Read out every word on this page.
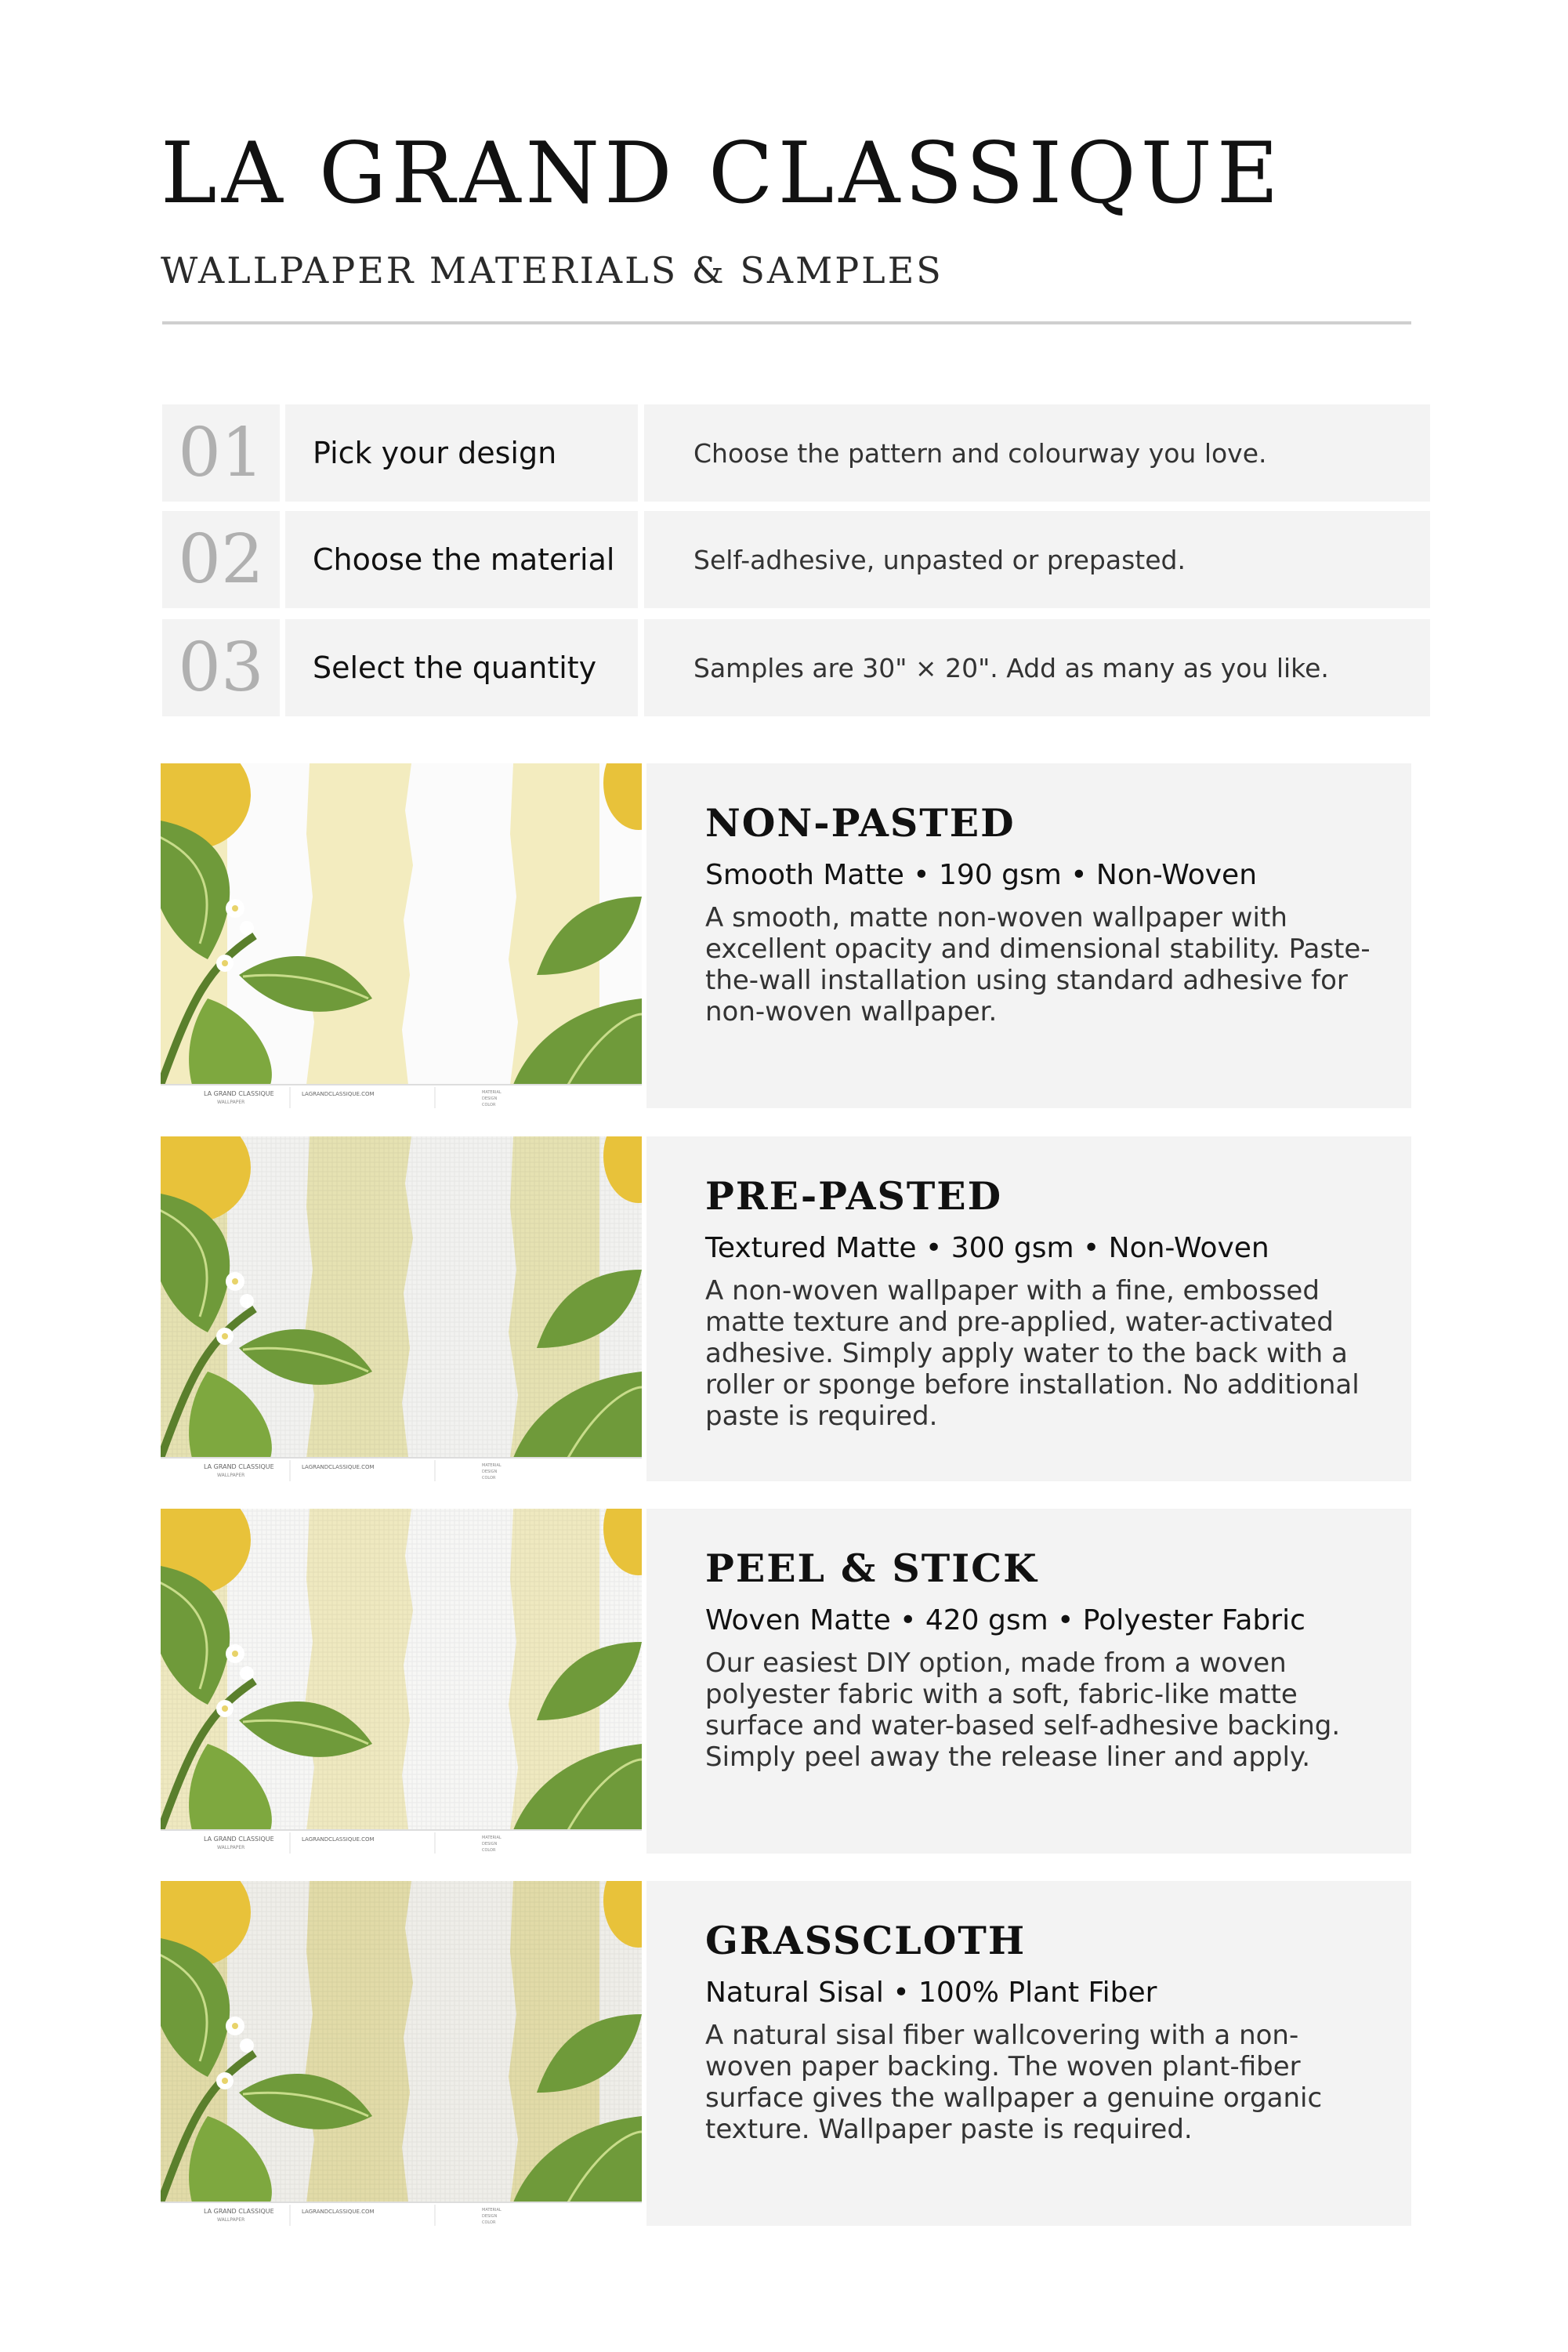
LA GRAND CLASSIQUE

WALLPAPER MATERIALS & SAMPLES

01	Pick your design	Choose the pattern and colourway you love.
02	Choose the material	Self-adhesive, unpasted or prepasted.
03	Select the quantity	Samples are 30" × 20". Add as many as you like.
LA GRAND CLASSIQUE
WALLPAPER
LAGRANDCLASSIQUE.COM	MATERIAL
DESIGN
COLOR
NON-PASTED

Smooth Matte • 190 gsm • Non-Woven

A smooth, matte non-woven wallpaper with excellent opacity and dimensional stability. Paste-the-wall installation using standard adhesive for non-woven wallpaper.

LA GRAND CLASSIQUE
WALLPAPER
LAGRANDCLASSIQUE.COM	MATERIAL
DESIGN
COLOR
PRE-PASTED

Textured Matte • 300 gsm • Non-Woven

A non-woven wallpaper with a fine, embossed matte texture and pre-applied, water-activated adhesive. Simply apply water to the back with a roller or sponge before installation. No additional paste is required.

LA GRAND CLASSIQUE
WALLPAPER
LAGRANDCLASSIQUE.COM	MATERIAL
DESIGN
COLOR
PEEL & STICK

Woven Matte • 420 gsm • Polyester Fabric

Our easiest DIY option, made from a woven polyester fabric with a soft, fabric-like matte surface and water-based self-adhesive backing. Simply peel away the release liner and apply.

LA GRAND CLASSIQUE
WALLPAPER
LAGRANDCLASSIQUE.COM	MATERIAL
DESIGN
COLOR
GRASSCLOTH

Natural Sisal • 100% Plant Fiber

A natural sisal fiber wallcovering with a non-woven paper backing. The woven plant-fiber surface gives the wallpaper a genuine organic texture. Wallpaper paste is required.
